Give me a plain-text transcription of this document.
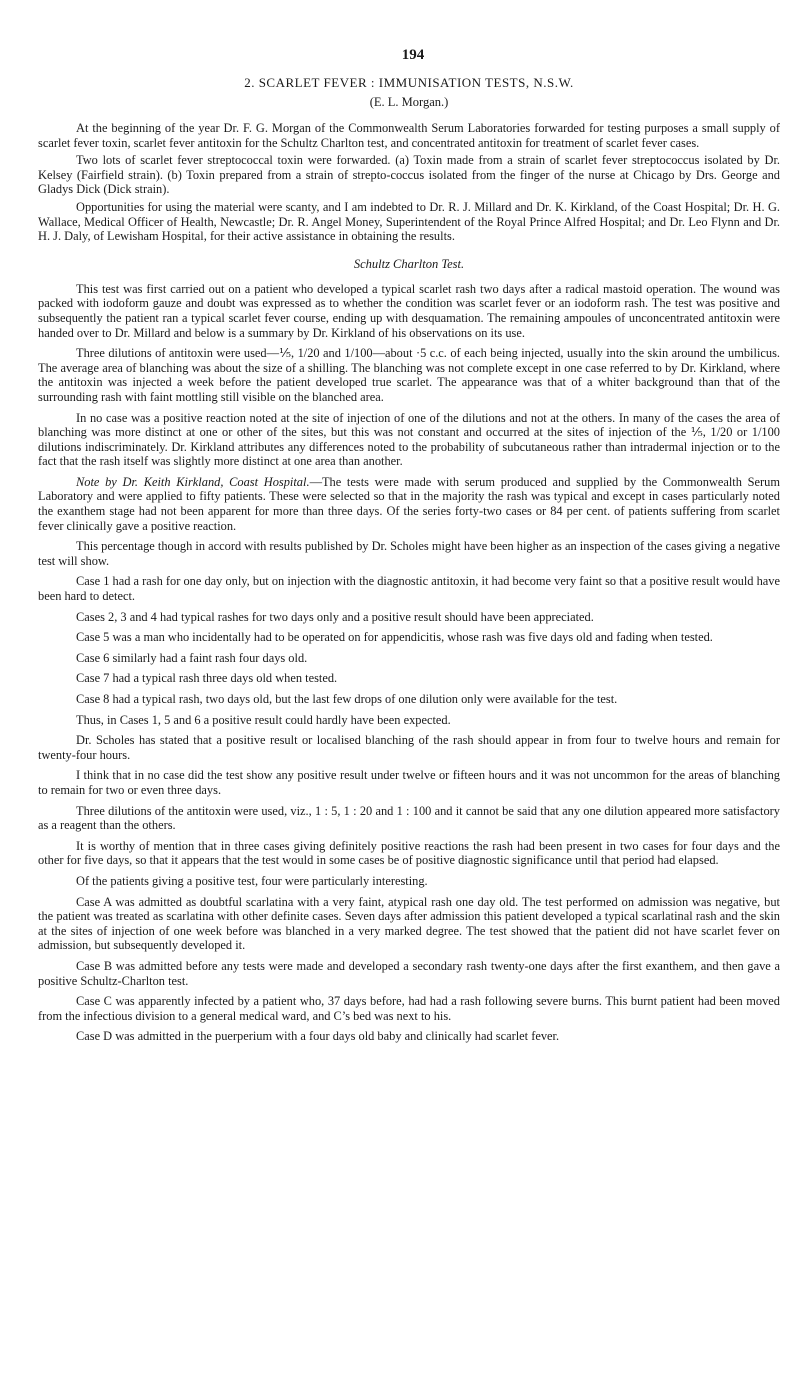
194
2. SCARLET FEVER : IMMUNISATION TESTS, N.S.W.
(E. L. Morgan.)

At the beginning of the year Dr. F. G. Morgan of the Commonwealth Serum Laboratories forwarded for testing purposes a small supply of scarlet fever toxin, scarlet fever antitoxin for the Schultz Charlton test, and concentrated antitoxin for treatment of scarlet fever cases.

Two lots of scarlet fever streptococcal toxin were forwarded. (a) Toxin made from a strain of scarlet fever streptococcus isolated by Dr. Kelsey (Fairfield strain). (b) Toxin prepared from a strain of strepto-coccus isolated from the finger of the nurse at Chicago by Drs. George and Gladys Dick (Dick strain).

Opportunities for using the material were scanty, and I am indebted to Dr. R. J. Millard and Dr. K. Kirkland, of the Coast Hospital; Dr. H. G. Wallace, Medical Officer of Health, Newcastle; Dr. R. Angel Money, Superintendent of the Royal Prince Alfred Hospital; and Dr. Leo Flynn and Dr. H. J. Daly, of Lewisham Hospital, for their active assistance in obtaining the results.

Schultz Charlton Test.

This test was first carried out on a patient who developed a typical scarlet rash two days after a radical mastoid operation. The wound was packed with iodoform gauze and doubt was expressed as to whether the condition was scarlet fever or an iodoform rash. The test was positive and subsequently the patient ran a typical scarlet fever course, ending up with desquamation. The remaining ampoules of unconcentrated antitoxin were handed over to Dr. Millard and below is a summary by Dr. Kirkland of his observations on its use.

Three dilutions of antitoxin were used—⅕, 1/20 and 1/100—about ·5 c.c. of each being injected, usually into the skin around the umbilicus. The average area of blanching was about the size of a shilling. The blanching was not complete except in one case referred to by Dr. Kirkland, where the antitoxin was injected a week before the patient developed true scarlet. The appearance was that of a whiter background than that of the surrounding rash with faint mottling still visible on the blanched area.

In no case was a positive reaction noted at the site of injection of one of the dilutions and not at the others. In many of the cases the area of blanching was more distinct at one or other of the sites, but this was not constant and occurred at the sites of injection of the ⅕, 1/20 or 1/100 dilutions indiscriminately. Dr. Kirkland attributes any differences noted to the probability of subcutaneous rather than intradermal injection or to the fact that the rash itself was slightly more distinct at one area than another.

Note by Dr. Keith Kirkland, Coast Hospital.—The tests were made with serum produced and supplied by the Commonwealth Serum Laboratory and were applied to fifty patients. These were selected so that in the majority the rash was typical and except in cases particularly noted the exanthem stage had not been apparent for more than three days. Of the series forty-two cases or 84 per cent. of patients suffering from scarlet fever clinically gave a positive reaction.

This percentage though in accord with results published by Dr. Scholes might have been higher as an inspection of the cases giving a negative test will show.

Case 1 had a rash for one day only, but on injection with the diagnostic antitoxin, it had become very faint so that a positive result would have been hard to detect.

Cases 2, 3 and 4 had typical rashes for two days only and a positive result should have been appreciated.

Case 5 was a man who incidentally had to be operated on for appendicitis, whose rash was five days old and fading when tested.

Case 6 similarly had a faint rash four days old.

Case 7 had a typical rash three days old when tested.

Case 8 had a typical rash, two days old, but the last few drops of one dilution only were available for the test.

Thus, in Cases 1, 5 and 6 a positive result could hardly have been expected.

Dr. Scholes has stated that a positive result or localised blanching of the rash should appear in from four to twelve hours and remain for twenty-four hours.

I think that in no case did the test show any positive result under twelve or fifteen hours and it was not uncommon for the areas of blanching to remain for two or even three days.

Three dilutions of the antitoxin were used, viz., 1 : 5, 1 : 20 and 1 : 100 and it cannot be said that any one dilution appeared more satisfactory as a reagent than the others.

It is worthy of mention that in three cases giving definitely positive reactions the rash had been present in two cases for four days and the other for five days, so that it appears that the test would in some cases be of positive diagnostic significance until that period had elapsed.

Of the patients giving a positive test, four were particularly interesting.

Case A was admitted as doubtful scarlatina with a very faint, atypical rash one day old. The test performed on admission was negative, but the patient was treated as scarlatina with other definite cases. Seven days after admission this patient developed a typical scarlatinal rash and the skin at the sites of injection of one week before was blanched in a very marked degree. The test showed that the patient did not have scarlet fever on admission, but subsequently developed it.

Case B was admitted before any tests were made and developed a secondary rash twenty-one days after the first exanthem, and then gave a positive Schultz-Charlton test.

Case C was apparently infected by a patient who, 37 days before, had had a rash following severe burns. This burnt patient had been moved from the infectious division to a general medical ward, and C’s bed was next to his.

Case D was admitted in the puerperium with a four days old baby and clinically had scarlet fever.
